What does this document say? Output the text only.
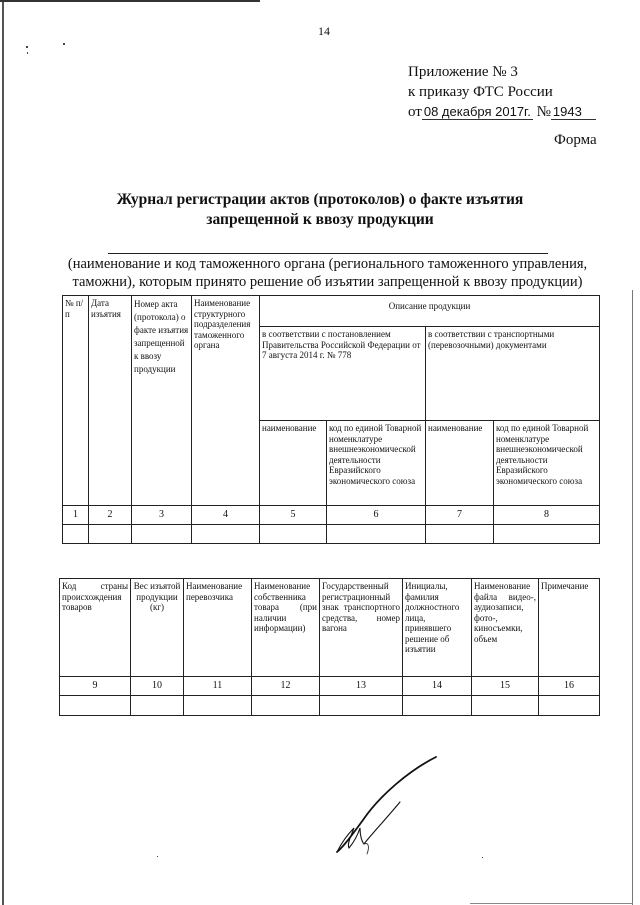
14
Приложение № 3
к приказу ФТС России
от 08 декабря 2017г. № 1943
Форма
Журнал регистрации актов (протоколов) о факте изъятия
запрещенной к ввозу продукции
(наименование и код таможенного органа (регионального таможенного управления,
таможни), которым принято решение об изъятии запрещенной к ввозу продукции)
№ п/п	Дата изъятия	Номер акта (протокола) о факте изъятия запрещенной к ввозу продукции	Наименование структурного подразделения таможенного органа	Описание продукции			
				в соответствии с постановлением Правительства Российской Федерации от 7 августа 2014 г. № 778		в соответствии с транспортными (перевозочными) документами	
				наименование	код по единой Товарной номенклатуре внешнеэкономической деятельности Евразийского экономического союза	наименование	код по единой Товарной номенклатуре внешнеэкономической деятельности Евразийского экономического союза
1	2	3	4	5	6	7	8

Код страны происхождения товаров	Вес изъятой продукции (кг)	Наименование перевозчика	Наименование собственника товара (при наличии информации)	Государственный регистрационный знак транспортного средства, номер вагона	Инициалы, фамилия должностного лица, принявшего решение об изъятии	Наименование файла видео-, аудиозаписи, фото-, киносъемки, объем	Примечание
9	10	11	12	13	14	15	16
